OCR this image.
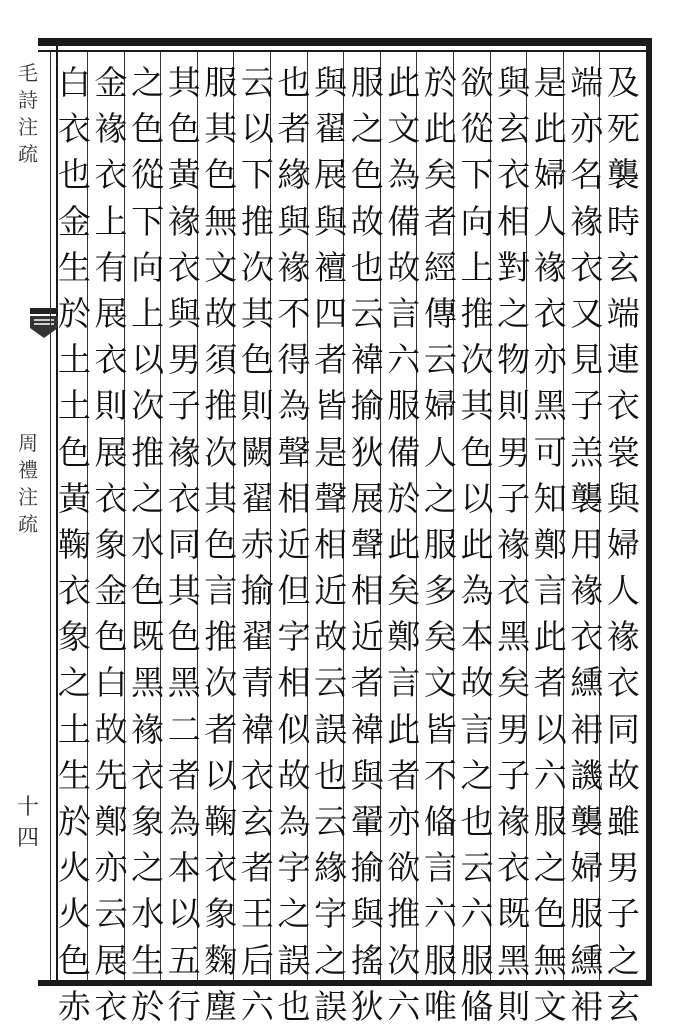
毛
詩
注
疏
周
禮
注
疏
十四
及
死
襲
時
玄
端
連
衣
裳
與
婦
人
褖
衣
同
故
雖
男
子
之
玄
端
亦
名
褖
衣
又
見
子
羔
襲
用
褖
衣
纁
衻
譏
襲
婦
服
纁
衻
是
此
婦
人
褖
衣
亦
黑
可
知
鄭
言
此
者
以
六
服
之
色
無
文
與
玄
衣
相
對
之
物
則
男
子
褖
衣
黑
矣
男
子
褖
衣
既
黑
則
欲
從
下
向
上
推
次
其
色
以
此
為
本
故
言
之
也
云
六
服
偹
於
此
矣
者
經
傳
云
婦
人
之
服
多
矣
文
皆
不
偹
言
六
服
唯
此
文
為
備
故
言
六
服
備
於
此
矣
鄭
言
此
者
亦
欲
推
次
六
服
之
色
故
也
云
褘
揄
狄
展
聲
相
近
者
褘
與
翬
揄
與
搖
狄
與
翟
展
與
襢
四
者
皆
是
聲
相
近
故
云
誤
也
云
緣
字
之
誤
也
者
緣
與
褖
不
得
為
聲
相
近
但
字
相
似
故
為
字
之
誤
也
云
以
下
推
次
其
色
則
闕
翟
赤
揄
翟
青
褘
衣
玄
者
王
后
六
服
其
色
無
文
故
須
推
次
其
色
言
推
次
者
以
鞠
衣
象
麴
塵
其
色
黃
褖
衣
與
男
子
褖
衣
同
其
色
黑
二
者
為
本
以
五
行
之
色
從
下
向
上
以
次
推
之
水
色
既
黑
褖
衣
象
之
水
生
於
金
褖
衣
上
有
展
衣
則
展
衣
象
金
色
白
故
先
鄭
亦
云
展
衣
白
衣
也
金
生
於
土
土
色
黃
鞠
衣
象
之
土
生
於
火
火
色
赤
